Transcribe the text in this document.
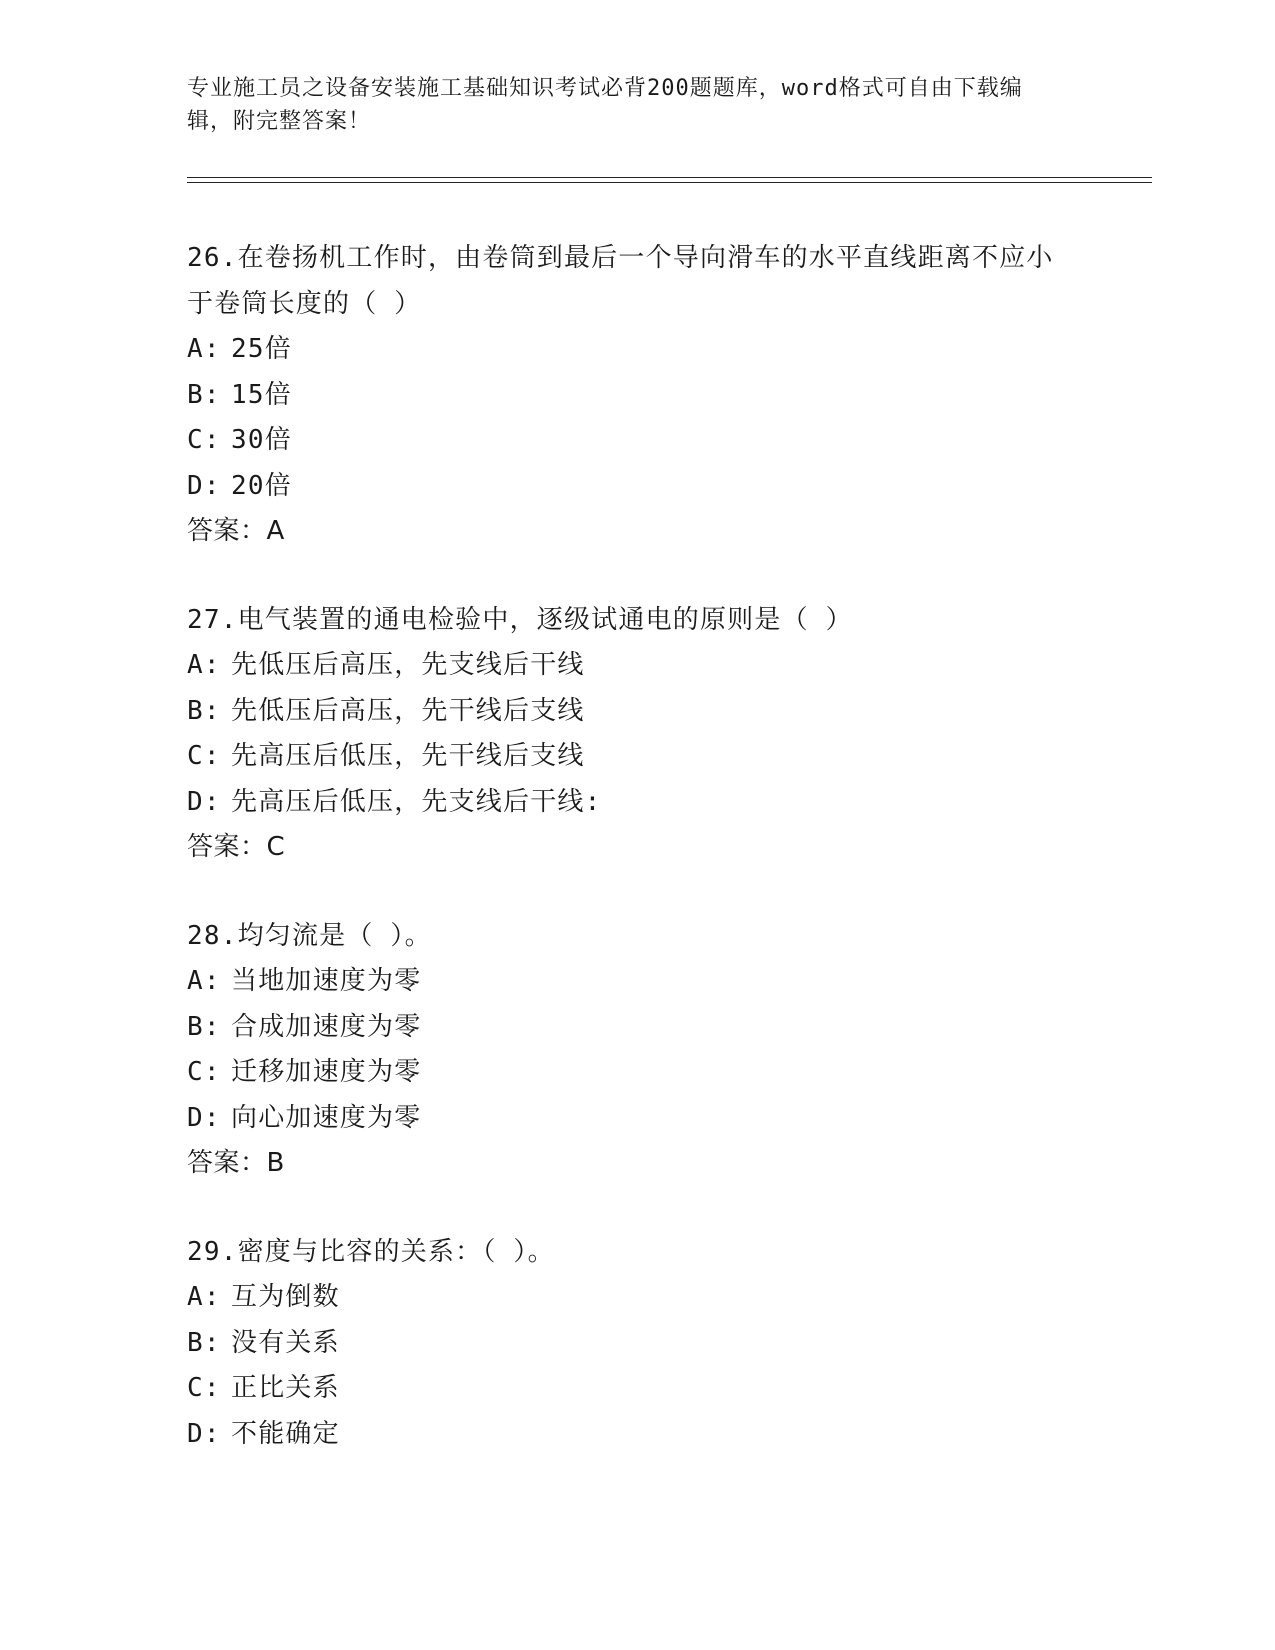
专业施工员之设备安装施工基础知识考试必背200题题库，word格式可自由下载编辑，附完整答案！
26.在卷扬机工作时，由卷筒到最后一个导向滑车的水平直线距离不应小于卷筒长度的（ ）
A: 25倍
B: 15倍
C: 30倍
D: 20倍
答案：A
27.电气装置的通电检验中，逐级试通电的原则是（ ）
A: 先低压后高压，先支线后干线
B: 先低压后高压，先干线后支线
C: 先高压后低压，先干线后支线
D: 先高压后低压，先支线后干线:
答案：C
28.均匀流是（ ）。
A: 当地加速度为零
B: 合成加速度为零
C: 迁移加速度为零
D: 向心加速度为零
答案：B
29.密度与比容的关系：（ ）。
A: 互为倒数
B: 没有关系
C: 正比关系
D: 不能确定
